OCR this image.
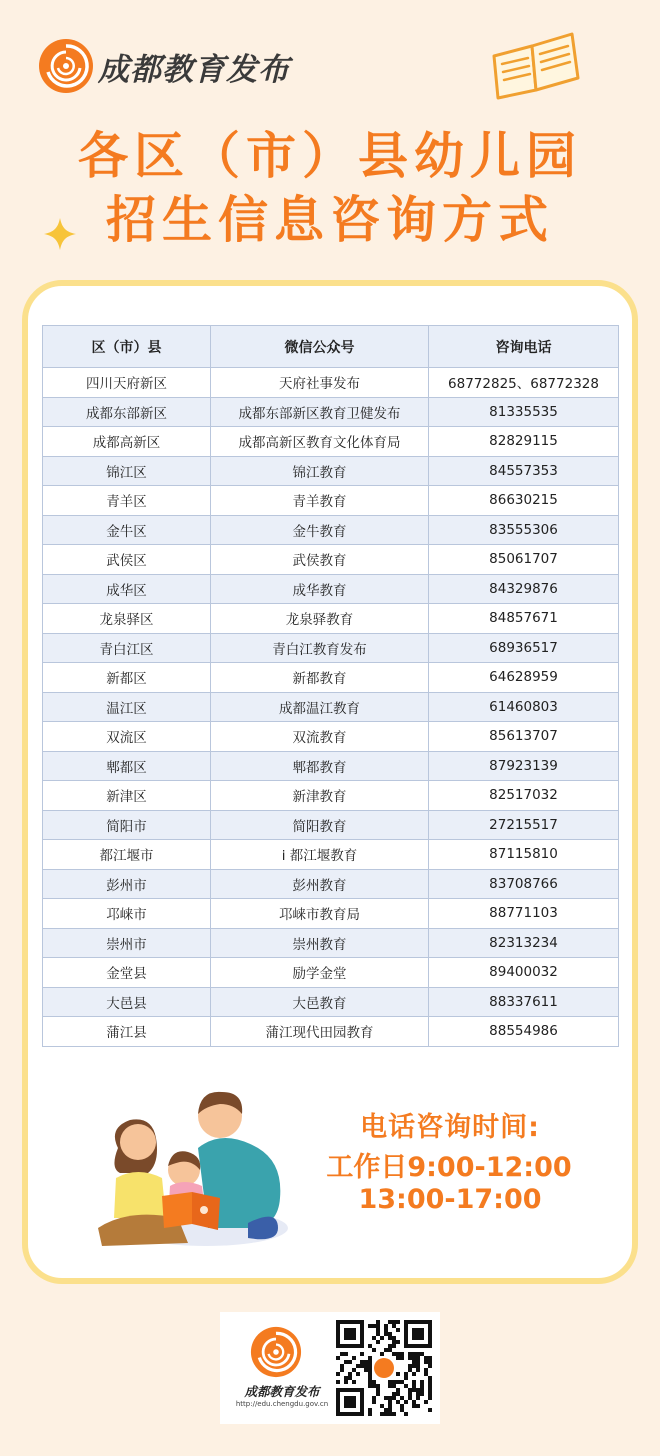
成都教育发布
各区（市）县幼儿园
招生信息咨询方式
区（市）县	微信公众号	咨询电话
四川天府新区	天府社事发布	68772825、68772328
成都东部新区	成都东部新区教育卫健发布	81335535
成都高新区	成都高新区教育文化体育局	82829115
锦江区	锦江教育	84557353
青羊区	青羊教育	86630215
金牛区	金牛教育	83555306
武侯区	武侯教育	85061707
成华区	成华教育	84329876
龙泉驿区	龙泉驿教育	84857671
青白江区	青白江教育发布	68936517
新都区	新都教育	64628959
温江区	成都温江教育	61460803
双流区	双流教育	85613707
郫都区	郫都教育	87923139
新津区	新津教育	82517032
简阳市	简阳教育	27215517
都江堰市	i 都江堰教育	87115810
彭州市	彭州教育	83708766
邛崃市	邛崃市教育局	88771103
崇州市	崇州教育	82313234
金堂县	励学金堂	89400032
大邑县	大邑教育	88337611
蒲江县	蒲江现代田园教育	88554986
电话咨询时间:
工作日9:00-12:00
13:00-17:00
成都教育发布
http://edu.chengdu.gov.cn
